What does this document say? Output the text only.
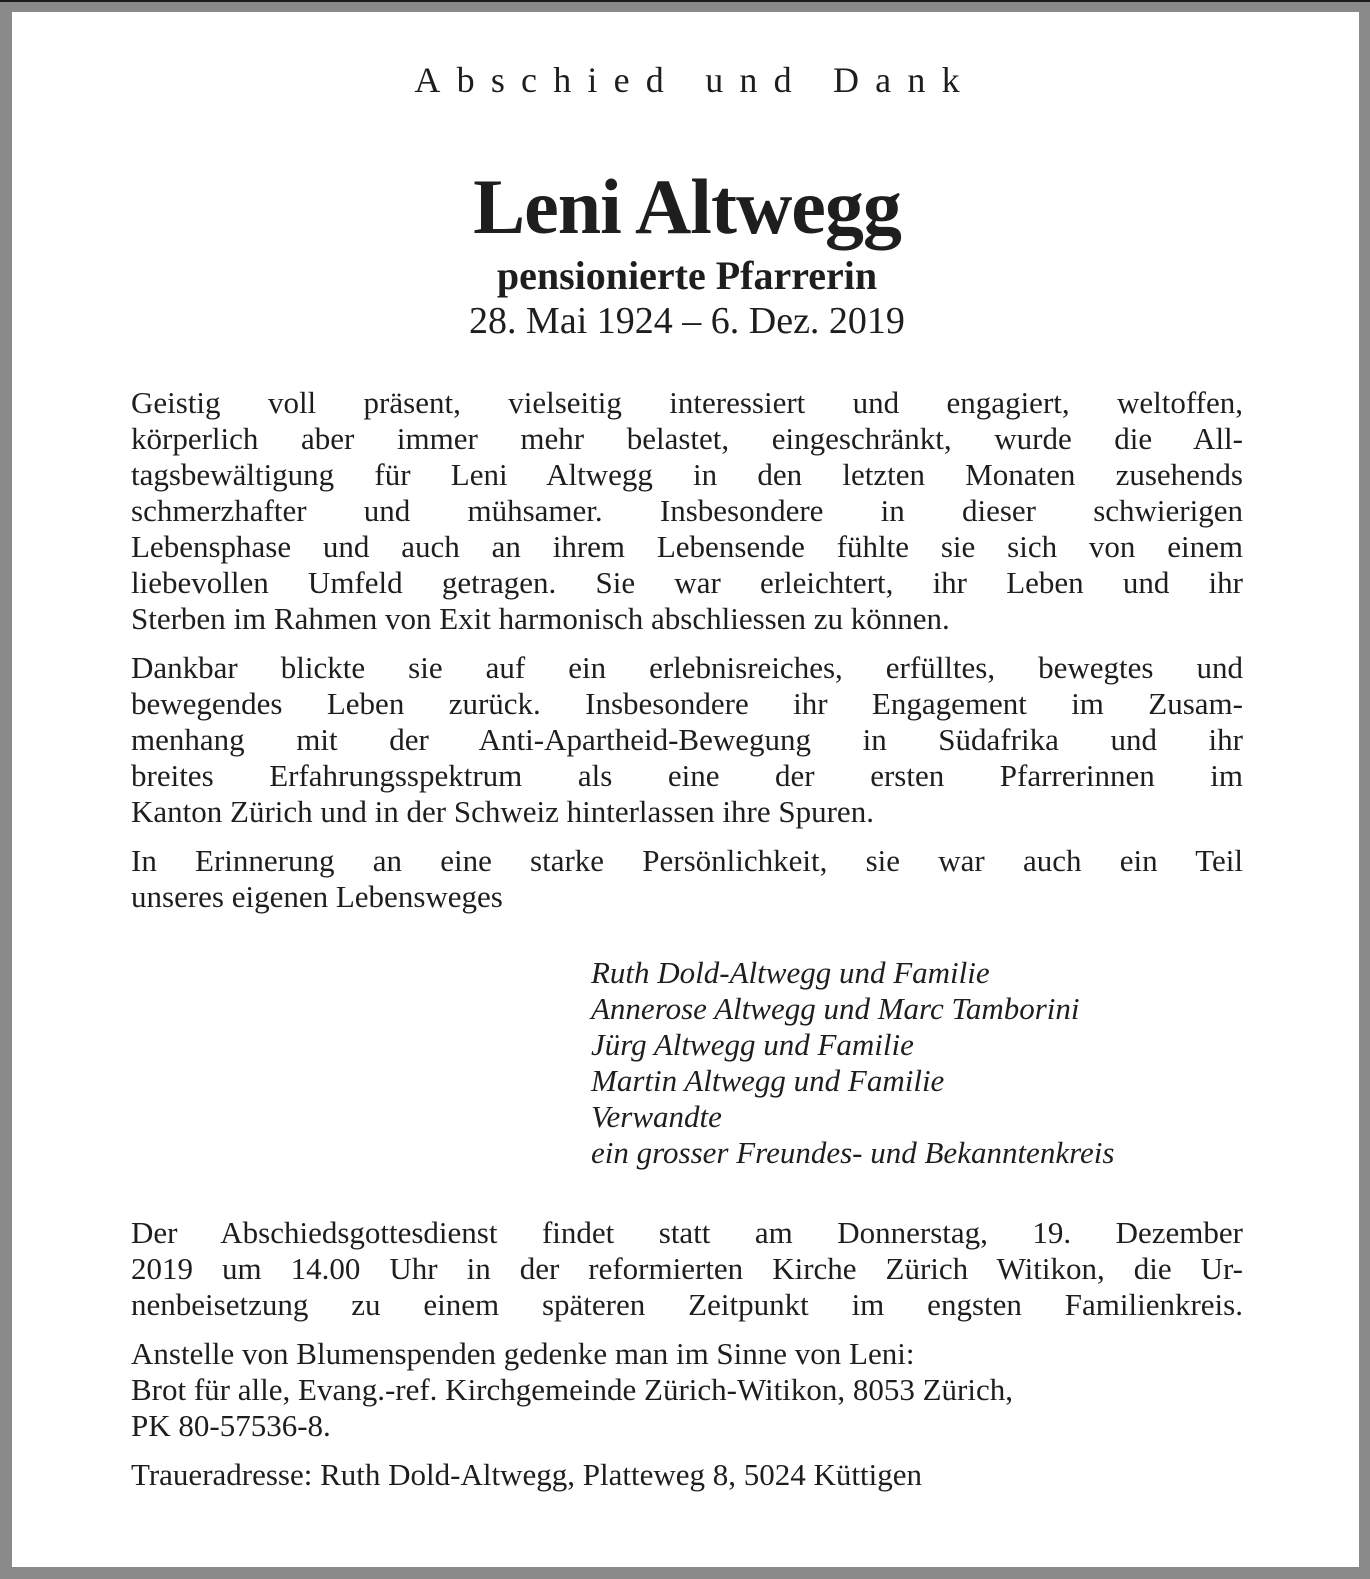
Abschied und Dank
Leni Altwegg
pensionierte Pfarrerin
28. Mai 1924 – 6. Dez. 2019
Geistig voll präsent, vielseitig interessiert und engagiert, weltoffen,
körperlich aber immer mehr belastet, eingeschränkt, wurde die All-
tagsbewältigung für Leni Altwegg in den letzten Monaten zusehends
schmerzhafter und mühsamer. Insbesondere in dieser schwierigen
Lebensphase und auch an ihrem Lebensende fühlte sie sich von einem
liebevollen Umfeld getragen. Sie war erleichtert, ihr Leben und ihr
Sterben im Rahmen von Exit harmonisch abschliessen zu können.
Dankbar blickte sie auf ein erlebnisreiches, erfülltes, bewegtes und
bewegendes Leben zurück. Insbesondere ihr Engagement im Zusam-
menhang mit der Anti-Apartheid-Bewegung in Südafrika und ihr
breites Erfahrungsspektrum als eine der ersten Pfarrerinnen im
Kanton Zürich und in der Schweiz hinterlassen ihre Spuren.
In Erinnerung an eine starke Persönlichkeit, sie war auch ein Teil
unseres eigenen Lebensweges
Ruth Dold-Altwegg und Familie
Annerose Altwegg und Marc Tamborini
Jürg Altwegg und Familie
Martin Altwegg und Familie
Verwandte
ein grosser Freundes- und Bekanntenkreis
Der Abschiedsgottesdienst findet statt am Donnerstag, 19. Dezember
2019 um 14.00 Uhr in der reformierten Kirche Zürich Witikon, die Ur-
nenbeisetzung zu einem späteren Zeitpunkt im engsten Familienkreis.
Anstelle von Blumenspenden gedenke man im Sinne von Leni:
Brot für alle, Evang.-ref. Kirchgemeinde Zürich-Witikon, 8053 Zürich,
PK 80-57536-8.
Traueradresse: Ruth Dold-Altwegg, Platteweg 8, 5024 Küttigen
